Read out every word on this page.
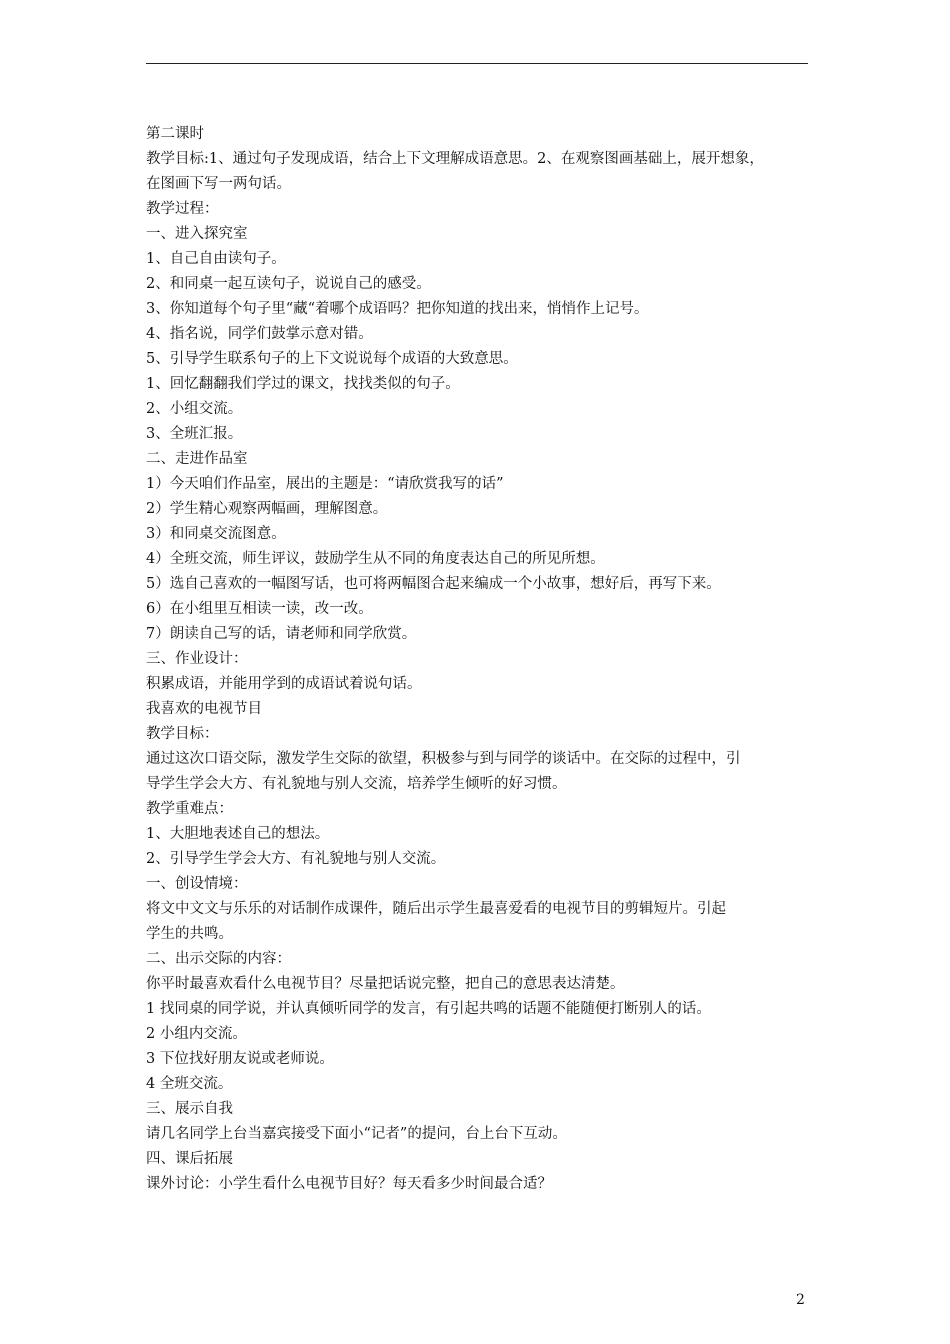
第二课时
教学目标:1、通过句子发现成语，结合上下文理解成语意思。2、在观察图画基础上，展开想象，
在图画下写一两句话。
教学过程：
一、进入探究室
1、自己自由读句子。
2、和同桌一起互读句子，说说自己的感受。
3、你知道每个句子里“藏“着哪个成语吗？把你知道的找出来，悄悄作上记号。
4、指名说，同学们鼓掌示意对错。
5、引导学生联系句子的上下文说说每个成语的大致意思。
1、回忆翻翻我们学过的课文，找找类似的句子。
2、小组交流。
3、全班汇报。
二、走进作品室
1）今天咱们作品室，展出的主题是：“请欣赏我写的话”
2）学生精心观察两幅画，理解图意。
3）和同桌交流图意。
4）全班交流，师生评议，鼓励学生从不同的角度表达自己的所见所想。
5）选自己喜欢的一幅图写话，也可将两幅图合起来编成一个小故事，想好后，再写下来。
6）在小组里互相读一读，改一改。
7）朗读自己写的话，请老师和同学欣赏。
三、作业设计：
积累成语，并能用学到的成语试着说句话。
我喜欢的电视节目
教学目标：
通过这次口语交际，激发学生交际的欲望，积极参与到与同学的谈话中。在交际的过程中，引
导学生学会大方、有礼貌地与别人交流，培养学生倾听的好习惯。
教学重难点：
1、大胆地表述自己的想法。
2、引导学生学会大方、有礼貌地与别人交流。
一、创设情境：
将文中文文与乐乐的对话制作成课件，随后出示学生最喜爱看的电视节目的剪辑短片。引起
学生的共鸣。
二、出示交际的内容：
你平时最喜欢看什么电视节目？尽量把话说完整，把自己的意思表达清楚。
1 找同桌的同学说，并认真倾听同学的发言，有引起共鸣的话题不能随便打断别人的话。
2 小组内交流。
3 下位找好朋友说或老师说。
4 全班交流。
三、展示自我
请几名同学上台当嘉宾接受下面小“记者”的提问，台上台下互动。
四、课后拓展
课外讨论：小学生看什么电视节目好？每天看多少时间最合适？
2
